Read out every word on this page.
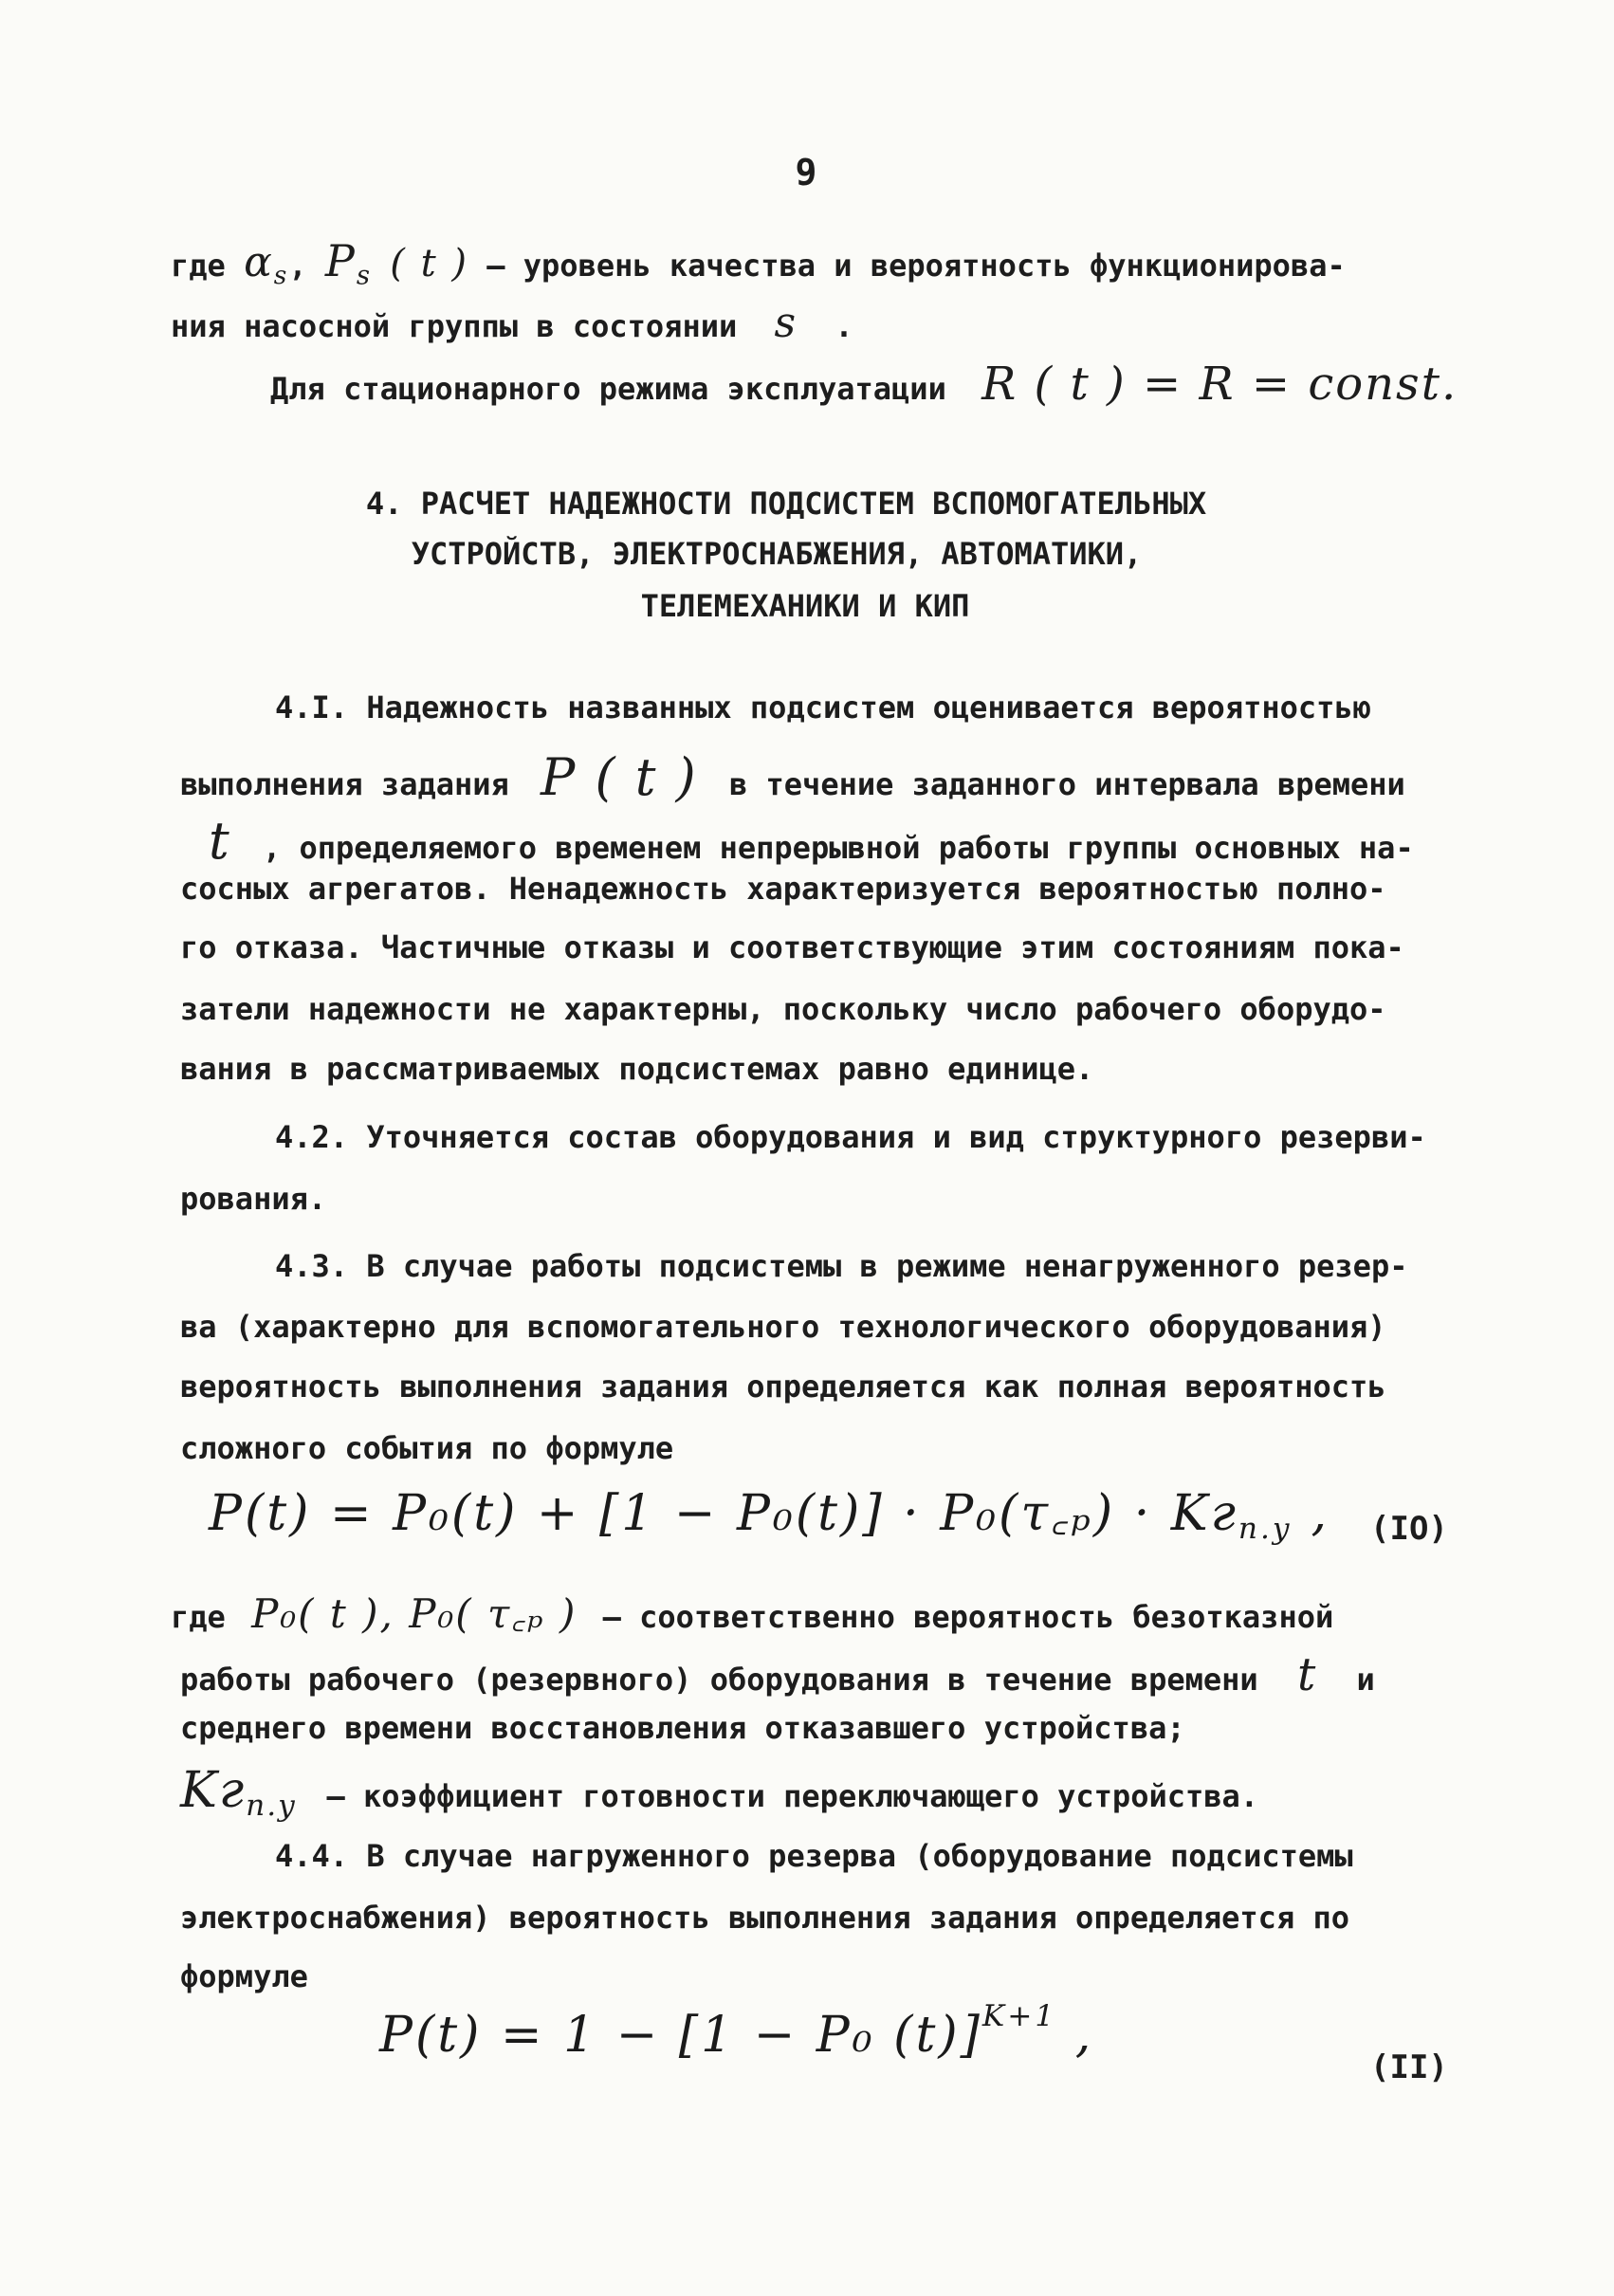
9
где $\alpha_s$, $P_s$ ( t ) – уровень качества и вероятность функционирова-
ния насосной группы в состоянии s .
Для стационарного режима эксплуатации R ( t ) = R = const.
4. РАСЧЕТ НАДЕЖНОСТИ ПОДСИСТЕМ ВСПОМОГАТЕЛЬНЫХ
УСТРОЙСТВ, ЭЛЕКТРОСНАБЖЕНИЯ, АВТОМАТИКИ,
ТЕЛЕМЕХАНИКИ И КИП
4.I. Надежность названных подсистем оценивается вероятностью
выполнения задания P ( t ) в течение заданного интервала времени
t , определяемого временем непрерывной работы группы основных на-
сосных агрегатов. Ненадежность характеризуется вероятностью полно-
го отказа. Частичные отказы и соответствующие этим состояниям пока-
затели надежности не характерны, поскольку число рабочего оборудо-
вания в рассматриваемых подсистемах равно единице.
4.2. Уточняется состав оборудования и вид структурного резерви-
рования.
4.3. В случае работы подсистемы в режиме ненагруженного резер-
ва (характерно для вспомогательного технологического оборудования)
вероятность выполнения задания определяется как полная вероятность
сложного события по формуле
P(t) = P₀(t) + [1 − P₀(t)] · P₀(τ꜀ₚ) · $Kг_{п.у}$ , (IO)
где P₀( t ), P₀( τ꜀ₚ ) – соответственно вероятность безотказной
работы рабочего (резервного) оборудования в течение времени t и
среднего времени восстановления отказавшего устройства;
$Kг_{п.у}$ – коэффициент готовности переключающего устройства.
4.4. В случае нагруженного резерва (оборудование подсистемы
электроснабжения) вероятность выполнения задания определяется по
формуле
P(t) = 1 − [1 − P₀ (t)]$^{K+1}$ ,
(II)
